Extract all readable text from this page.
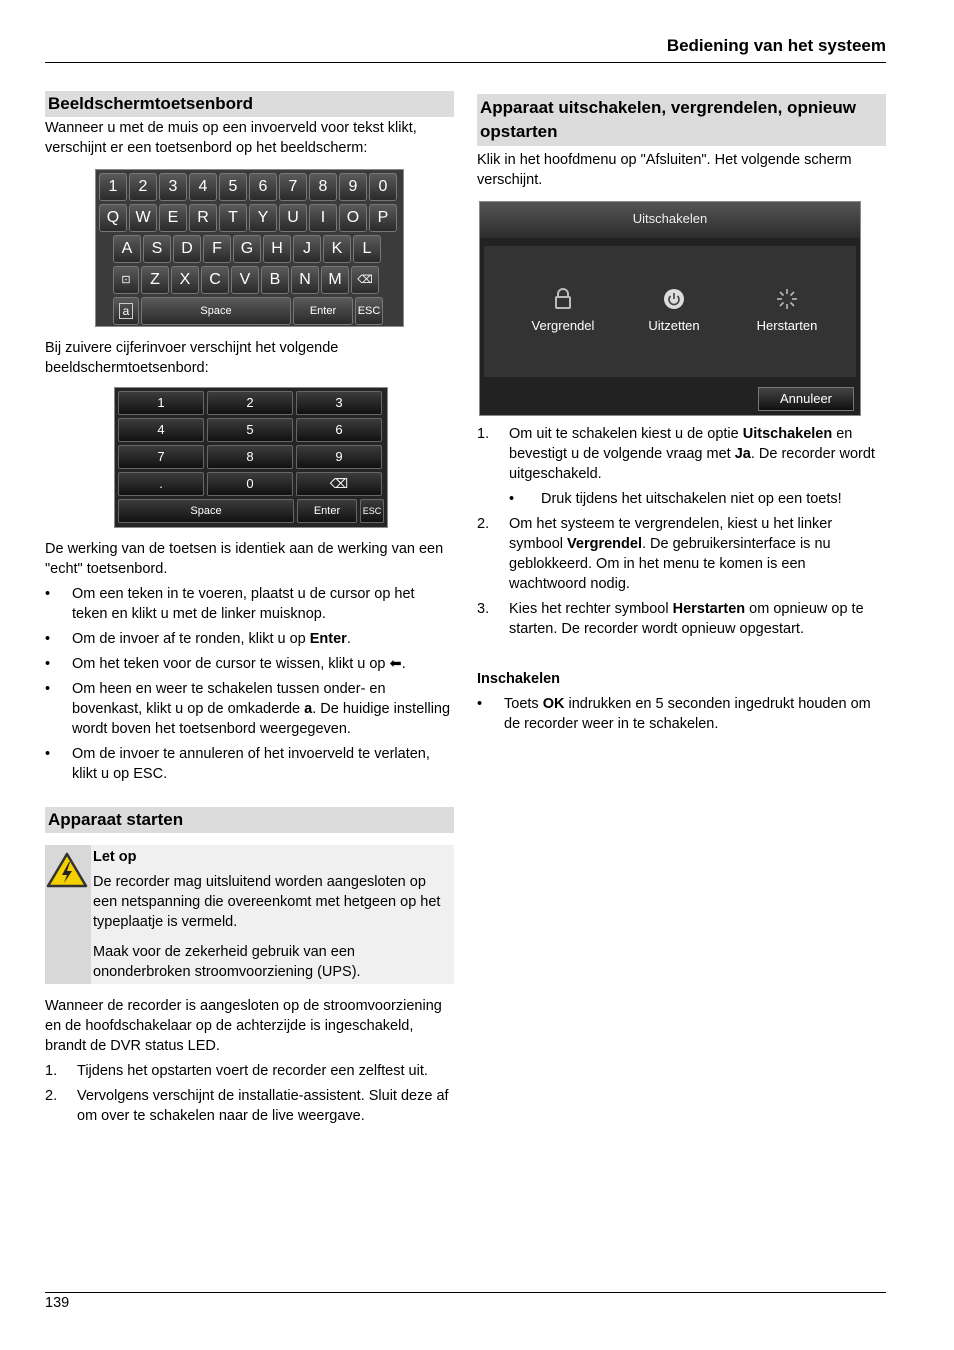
Bediening van het systeem
Beeldschermtoetsenbord

Wanneer u met de muis op een invoerveld voor tekst klikt, verschijnt er een toetsenbord op het beeldscherm:

1	2	3	4	5	6	7	8	9	0
Q	W	E	R	T	Y	U	I	O	P
A	S	D	F	G	H	J	K	L
⊡	Z	X	C	V	B	N	M	⌫
a	Space	Enter	ESC

Bij zuivere cijferinvoer verschijnt het volgende beeldschermtoetsenbord:

1	2	3
4	5	6
7	8	9
.	0	⌫
Space	Enter	ESC

De werking van de toetsen is identiek aan de werking van een "echt" toetsenbord.

• Om een teken in te voeren, plaatst u de cursor op het teken en klikt u met de linker muisknop.
• Om de invoer af te ronden, klikt u op Enter.
• Om het teken voor de cursor te wissen, klikt u op ⬅.
• Om heen en weer te schakelen tussen onder- en bovenkast, klikt u op de omkaderde a. De huidige instelling wordt boven het toetsenbord weergegeven.
• Om de invoer te annuleren of het invoerveld te verlaten, klikt u op ESC.
Apparaat starten

Let op

De recorder mag uitsluitend worden aangesloten op een netspanning die overeenkomt met hetgeen op het typeplaatje is vermeld.

Maak voor de zekerheid gebruik van een ononderbroken stroomvoorziening (UPS).

Wanneer de recorder is aangesloten op de stroomvoorziening en de hoofdschakelaar op de achterzijde is ingeschakeld, brandt de DVR status LED.

1. Tijdens het opstarten voert de recorder een zelftest uit.
2. Vervolgens verschijnt de installatie-assistent. Sluit deze af om over te schakelen naar de live weergave.
Apparaat uitschakelen, vergrendelen, opnieuw opstarten

Klik in het hoofdmenu op "Afsluiten". Het volgende scherm verschijnt.

Uitschakelen
Vergrendel	Uitzetten	Herstarten
Annuleer
1. Om uit te schakelen kiest u de optie Uitschakelen en bevestigt u de volgende vraag met Ja. De recorder wordt uitgeschakeld.
• Druk tijdens het uitschakelen niet op een toets!
2. Om het systeem te vergrendelen, kiest u het linker symbool Vergrendel. De gebruikersinterface is nu geblokkeerd. Om in het menu te komen is een wachtwoord nodig.
3. Kies het rechter symbool Herstarten om opnieuw op te starten. De recorder wordt opnieuw opgestart.

Inschakelen

• Toets OK indrukken en 5 seconden ingedrukt houden om de recorder weer in te schakelen.
139
